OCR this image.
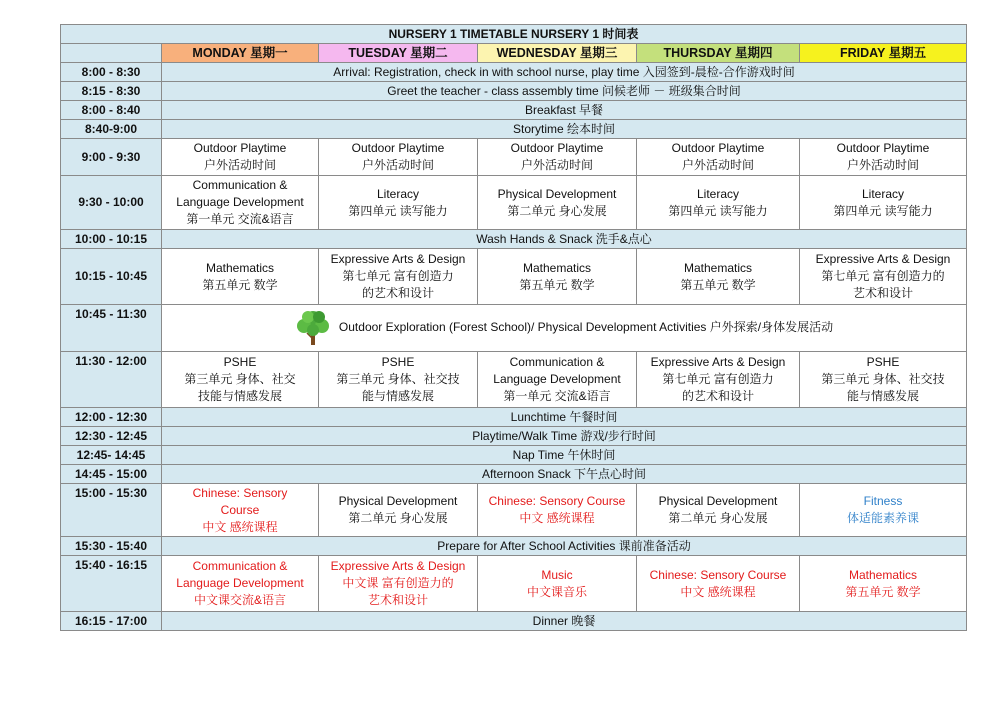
NURSERY 1 TIMETABLE NURSERY 1 时间表					
	MONDAY 星期一	TUESDAY 星期二	WEDNESDAY 星期三	THURSDAY 星期四	FRIDAY 星期五
8:00 - 8:30	Arrival: Registration, check in with school nurse, play time 入园签到-晨检-合作游戏时间				
8:15 - 8:30	Greet the teacher - class assembly time 问候老师 － 班级集合时间				
8:00 - 8:40	Breakfast 早餐				
8:40-9:00	Storytime 绘本时间				
9:00 - 9:30	Outdoor Playtime
户外活动时间	Outdoor Playtime
户外活动时间	Outdoor Playtime
户外活动时间	Outdoor Playtime
户外活动时间	Outdoor Playtime
户外活动时间

9:30 - 10:00	Communication &
Language Development
第一单元 交流&语言	Literacy
第四单元 读写能力	Physical Development
第二单元 身心发展	Literacy
第四单元 读写能力	Literacy
第四单元 读写能力

10:00 - 10:15	Wash Hands & Snack 洗手&点心				
10:15 - 10:45	Mathematics
第五单元 数学	Expressive Arts & Design
第七单元 富有创造力
的艺术和设计	Mathematics
第五单元 数学	Mathematics
第五单元 数学	Expressive Arts & Design
第七单元 富有创造力的
艺术和设计

10:45 - 11:30	Outdoor Exploration (Forest School)/ Physical Development Activities 户外探索/身体发展活动				
11:30 - 12:00	PSHE
第三单元 身体、社交
技能与情感发展	PSHE
第三单元 身体、社交技
能与情感发展	Communication &
Language Development
第一单元 交流&语言	Expressive Arts & Design
第七单元 富有创造力
的艺术和设计	PSHE
第三单元 身体、社交技
能与情感发展

12:00 - 12:30	Lunchtime 午餐时间				
12:30 - 12:45	Playtime/Walk Time 游戏/步行时间				
12:45- 14:45	Nap Time 午休时间				
14:45 - 15:00	Afternoon Snack 下午点心时间				
15:00 - 15:30	Chinese: Sensory
Course
中文 感统课程	Physical Development
第二单元 身心发展	Chinese: Sensory Course
中文 感统课程	Physical Development
第二单元 身心发展	Fitness
体适能素养课

15:30 - 15:40	Prepare for After School Activities 课前准备活动				
15:40 - 16:15	Communication &
Language Development
中文课交流&语言	Expressive Arts & Design
中文课 富有创造力的
艺术和设计	Music
中文课音乐	Chinese: Sensory Course
中文 感统课程	Mathematics
第五单元 数学

16:15 - 17:00	Dinner 晚餐				
